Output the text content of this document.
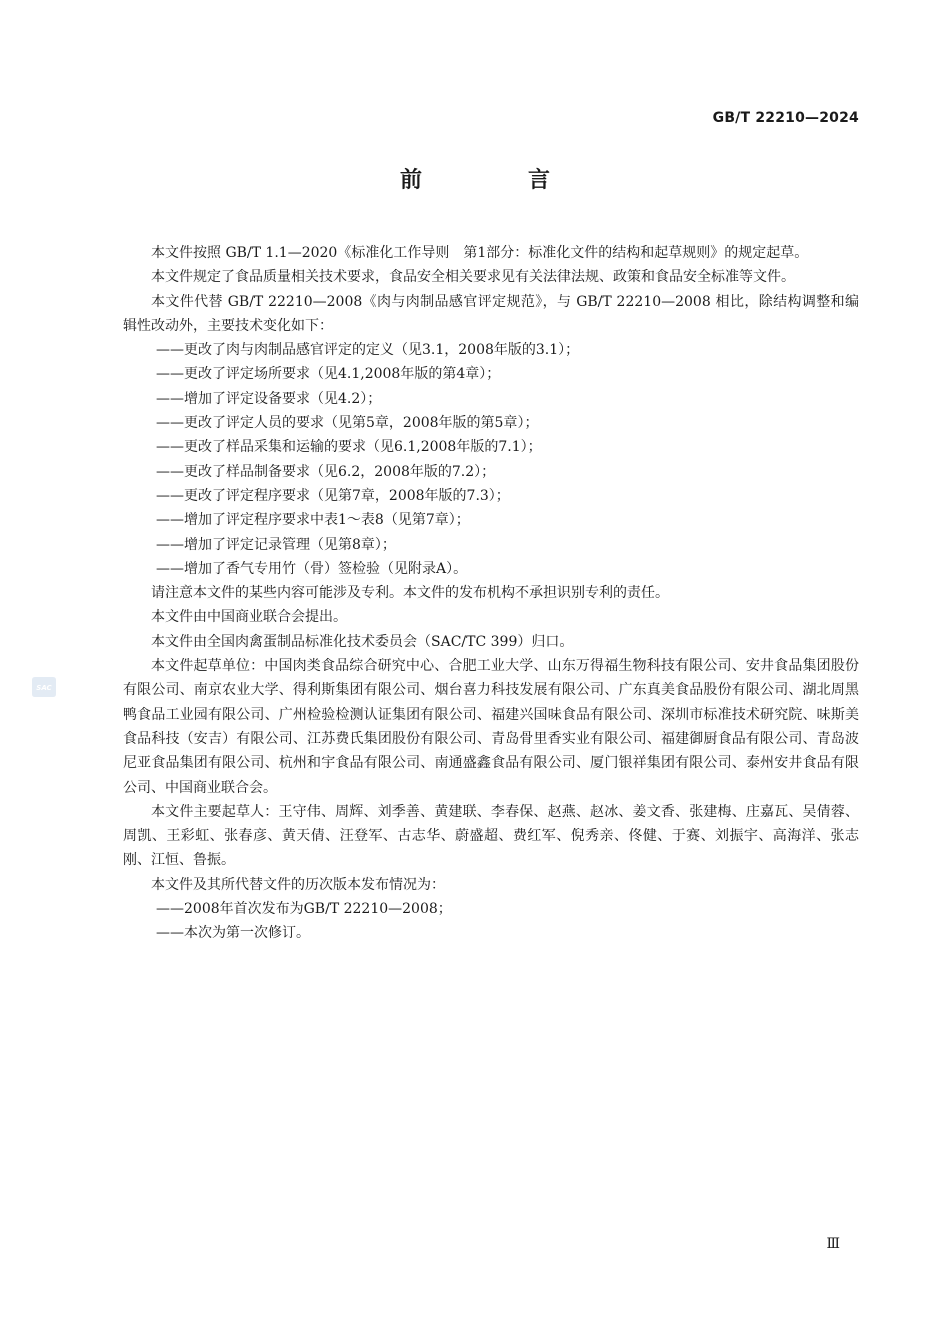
GB/T 22210—2024
前　言
SAC

本文件按照 GB/T 1.1—2020《标准化工作导则　第1部分：标准化文件的结构和起草规则》的规定起草。

本文件规定了食品质量相关技术要求，食品安全相关要求见有关法律法规、政策和食品安全标准等文件。

本文件代替 GB/T 22210—2008《肉与肉制品感官评定规范》，与 GB/T 22210—2008 相比，除结构调整和编辑性改动外，主要技术变化如下：

——更改了肉与肉制品感官评定的定义（见3.1，2008年版的3.1）；

——更改了评定场所要求（见4.1,2008年版的第4章）；

——增加了评定设备要求（见4.2）；

——更改了评定人员的要求（见第5章，2008年版的第5章）；

——更改了样品采集和运输的要求（见6.1,2008年版的7.1）；

——更改了样品制备要求（见6.2，2008年版的7.2）；

——更改了评定程序要求（见第7章，2008年版的7.3）；

——增加了评定程序要求中表1～表8（见第7章）；

——增加了评定记录管理（见第8章）；

——增加了香气专用竹（骨）签检验（见附录A）。

请注意本文件的某些内容可能涉及专利。本文件的发布机构不承担识别专利的责任。

本文件由中国商业联合会提出。

本文件由全国肉禽蛋制品标准化技术委员会（SAC/TC 399）归口。

本文件起草单位：中国肉类食品综合研究中心、合肥工业大学、山东万得福生物科技有限公司、安井食品集团股份有限公司、南京农业大学、得利斯集团有限公司、烟台喜力科技发展有限公司、广东真美食品股份有限公司、湖北周黑鸭食品工业园有限公司、广州检验检测认证集团有限公司、福建兴国味食品有限公司、深圳市标准技术研究院、味斯美食品科技（安吉）有限公司、江苏费氏集团股份有限公司、青岛骨里香实业有限公司、福建御厨食品有限公司、青岛波尼亚食品集团有限公司、杭州和宇食品有限公司、南通盛鑫食品有限公司、厦门银祥集团有限公司、泰州安井食品有限公司、中国商业联合会。

本文件主要起草人：王守伟、周辉、刘季善、黄建联、李春保、赵燕、赵冰、姜文香、张建梅、庄嘉瓦、吴倩蓉、周凯、王彩虹、张春彦、黄天倩、汪登军、古志华、蔚盛超、费红军、倪秀亲、佟健、于赛、刘振宇、高海洋、张志刚、江恒、鲁振。

本文件及其所代替文件的历次版本发布情况为：

——2008年首次发布为GB/T 22210—2008；

——本次为第一次修订。

Ⅲ
